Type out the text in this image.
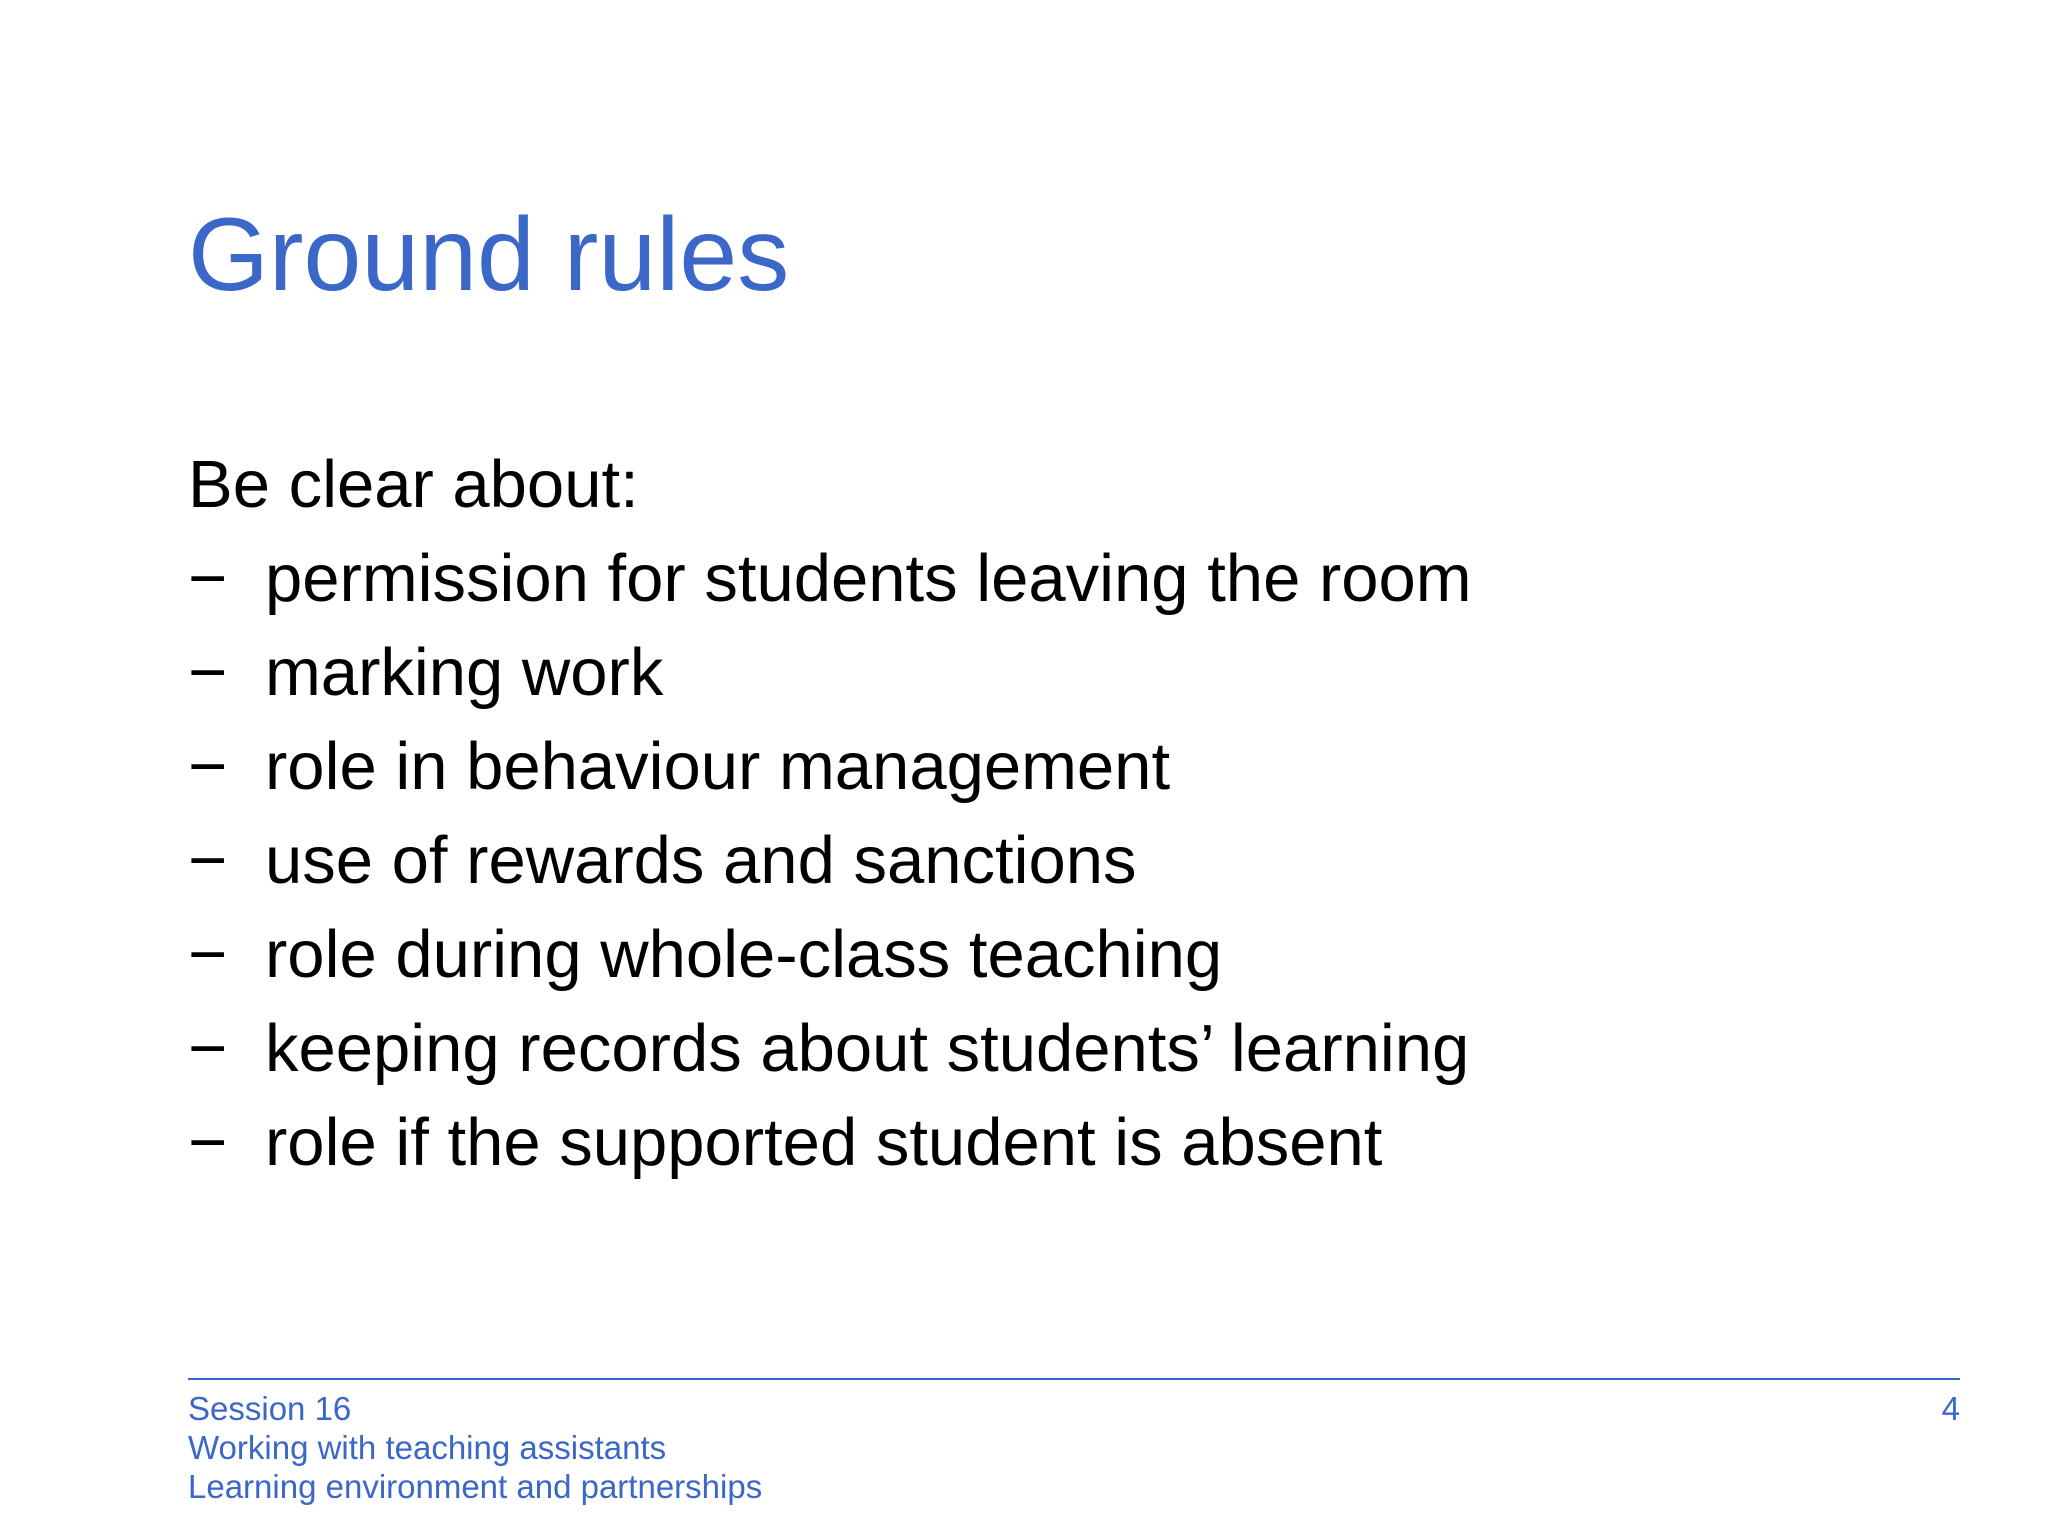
Ground rules

Be clear about:

− permission for students leaving the room
− marking work
− role in behaviour management
− use of rewards and sanctions
− role during whole-class teaching
− keeping records about students’ learning
− role if the supported student is absent

Session 16

Working with teaching assistants

Learning environment and partnerships

4
